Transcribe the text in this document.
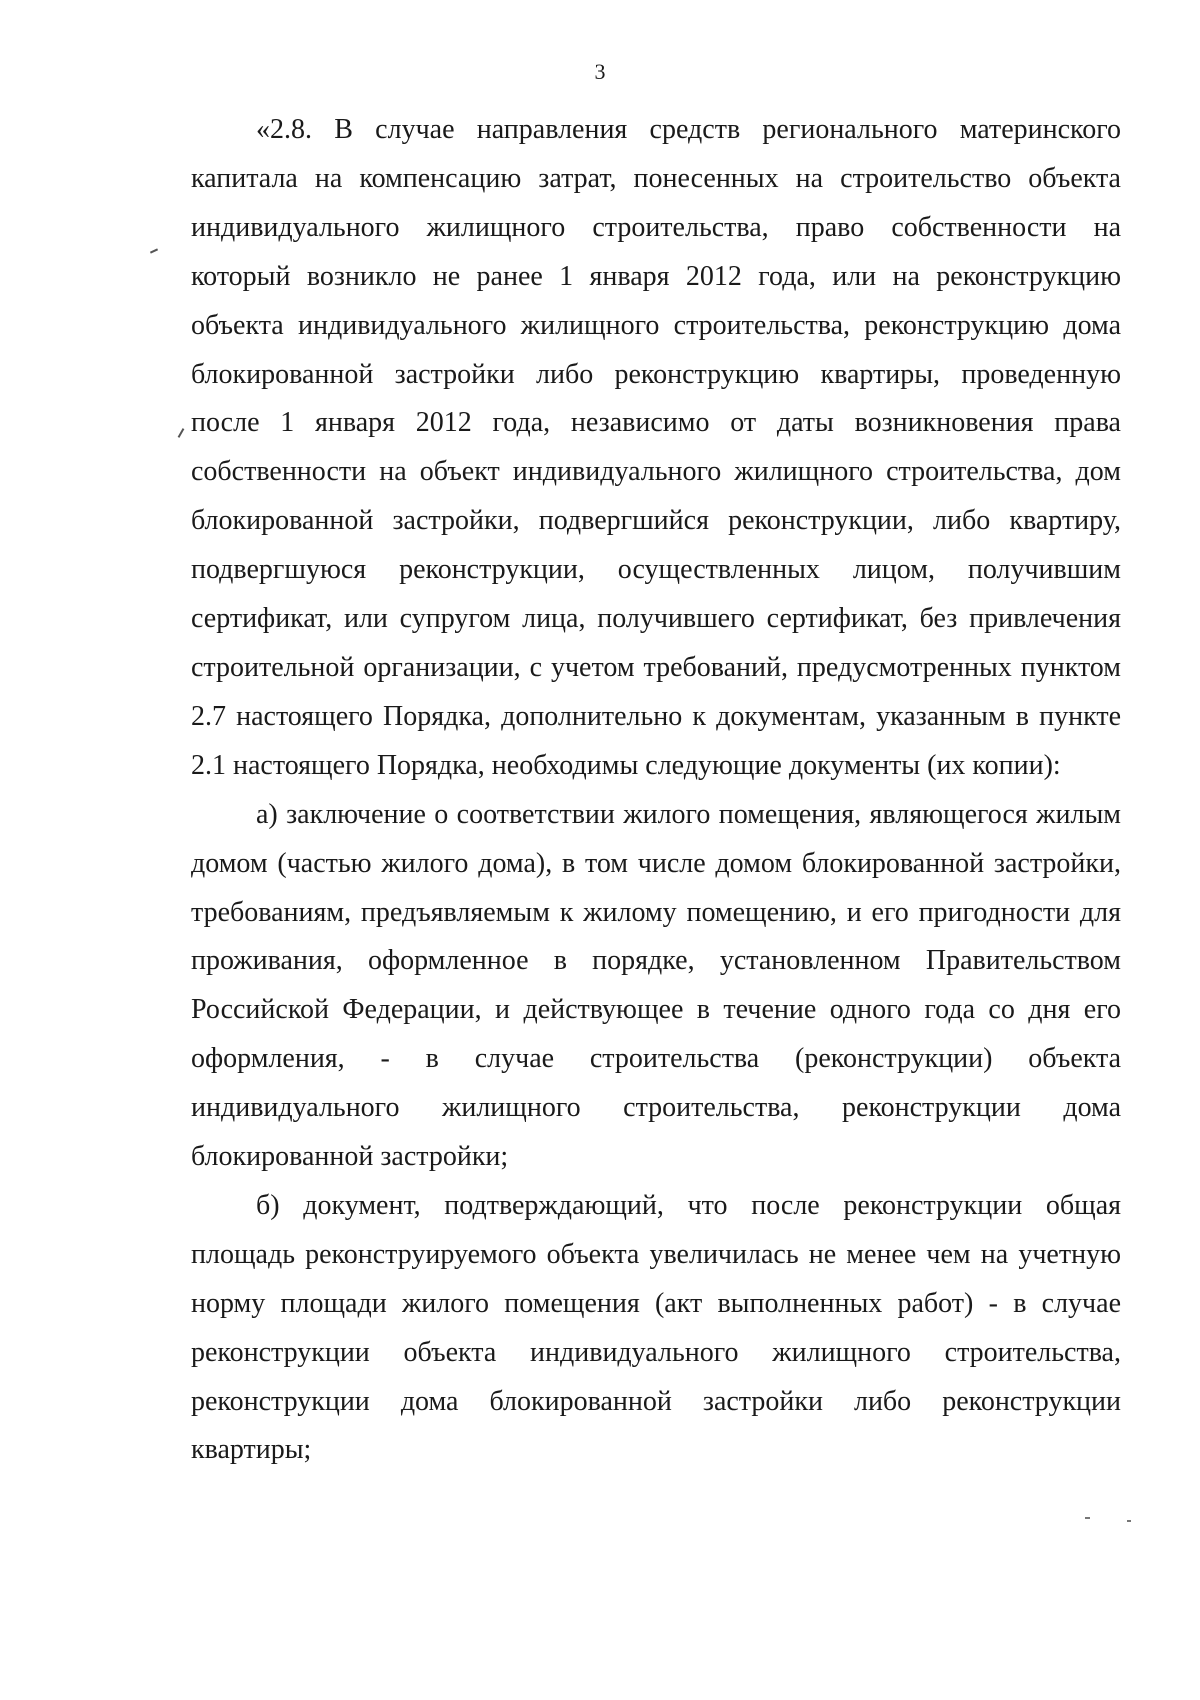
3

«2.8. В случае направления средств регионального материнского
капитала на компенсацию затрат, понесенных на строительство объекта
индивидуального жилищного строительства, право собственности на
который возникло не ранее 1 января 2012 года, или на реконструкцию
объекта индивидуального жилищного строительства, реконструкцию дома
блокированной застройки либо реконструкцию квартиры, проведенную
после 1 января 2012 года, независимо от даты возникновения права
собственности на объект индивидуального жилищного строительства, дом
блокированной застройки, подвергшийся реконструкции, либо квартиру,
подвергшуюся реконструкции, осуществленных лицом, получившим
сертификат, или супругом лица, получившего сертификат, без привлечения
строительной организации, с учетом требований, предусмотренных пунктом
2.7 настоящего Порядка, дополнительно к документам, указанным в пункте
2.1 настоящего Порядка, необходимы следующие документы (их копии):

а) заключение о соответствии жилого помещения, являющегося жилым
домом (частью жилого дома), в том числе домом блокированной застройки,
требованиям, предъявляемым к жилому помещению, и его пригодности для
проживания, оформленное в порядке, установленном Правительством
Российской Федерации, и действующее в течение одного года со дня его
оформления, - в случае строительства (реконструкции) объекта
индивидуального жилищного строительства, реконструкции дома
блокированной застройки;

б) документ, подтверждающий, что после реконструкции общая
площадь реконструируемого объекта увеличилась не менее чем на учетную
норму площади жилого помещения (акт выполненных работ) - в случае
реконструкции объекта индивидуального жилищного строительства,
реконструкции дома блокированной застройки либо реконструкции
квартиры;
